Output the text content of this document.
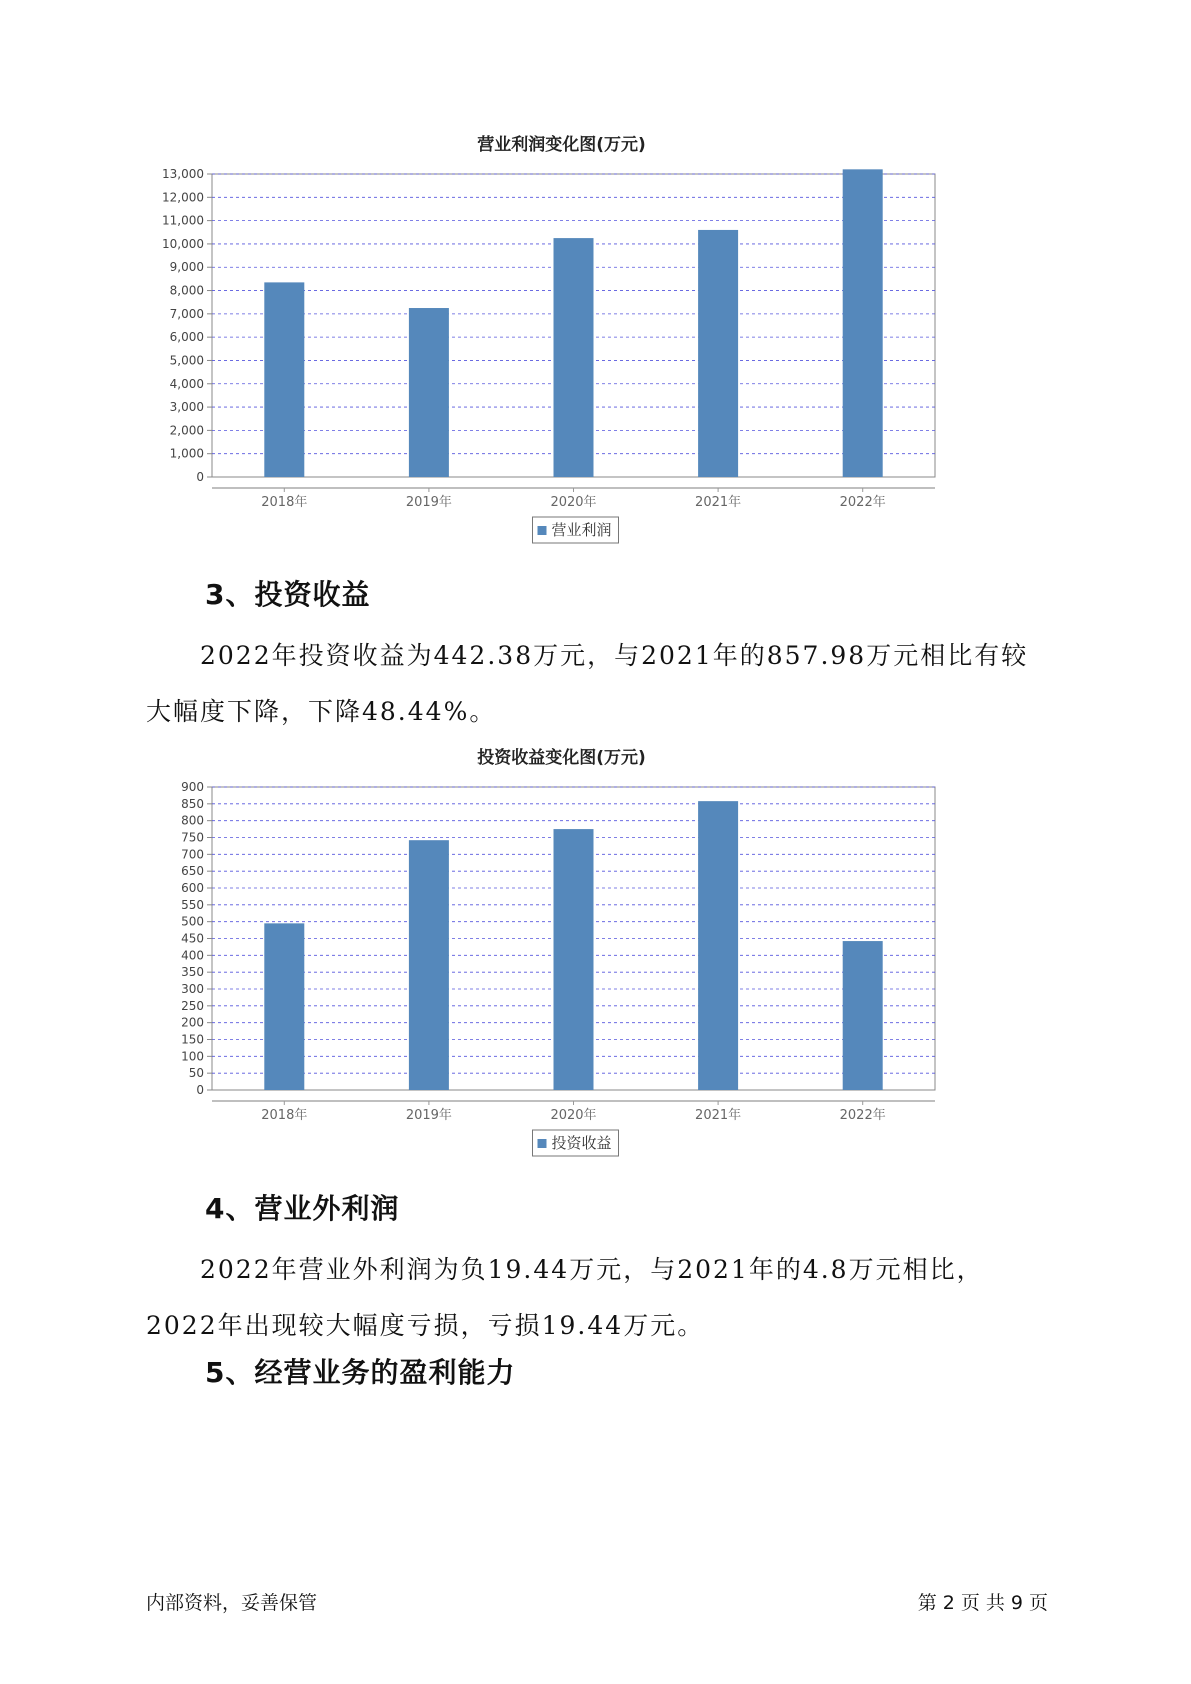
营业利润变化图(万元)
0
1,000
2,000
3,000
4,000
5,000
6,000
7,000
8,000
9,000
10,000
11,000
12,000
13,000
2018年	2019年	2020年	2021年	2022年
营业利润
3、投资收益

2022年投资收益为442.38万元，与2021年的857.98万元相比有较大幅度下降，下降48.44%。

投资收益变化图(万元)
0
50
100
150
200
250
300
350
400
450
500
550
600
650
700
750
800
850
900
2018年	2019年	2020年	2021年	2022年
投资收益
4、营业外利润

2022年营业外利润为负19.44万元，与2021年的4.8万元相比，2022年出现较大幅度亏损，亏损19.44万元。

5、经营业务的盈利能力
内部资料，妥善保管	第 2 页 共 9 页
